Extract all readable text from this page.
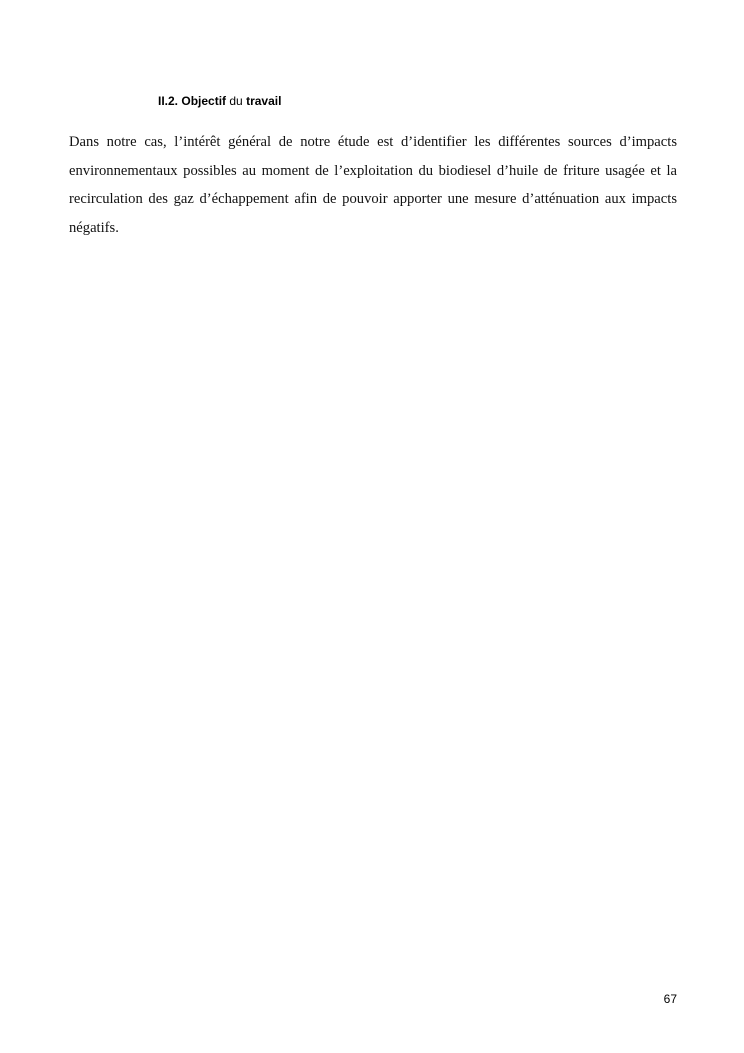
II.2. Objectif du travail

Dans notre cas, l’intérêt général de notre étude est d’identifier les différentes sources d’impacts environnementaux possibles au moment de l’exploitation du biodiesel d’huile de friture usagée et la recirculation des gaz d’échappement afin de pouvoir apporter une mesure d’atténuation aux impacts négatifs.

67
